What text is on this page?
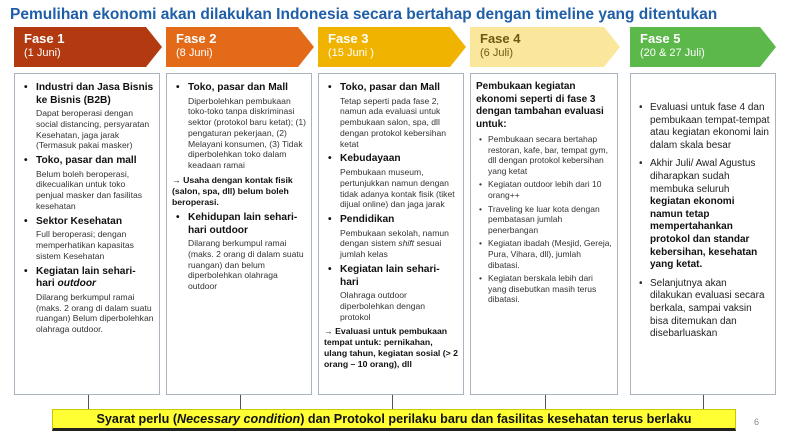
Pemulihan ekonomi akan dilakukan Indonesia secara bertahap dengan timeline yang ditentukan
Fase 1
(1 Juni)
Fase 2
(8 Juni)
Fase 3
(15 Juni )
Fase 4
(6 Juli)
Fase 5
(20 & 27 Juli)
• Industri dan Jasa Bisnis ke Bisnis (B2B)
Dapat beroperasi dengan social distancing, persyaratan Kesehatan, jaga jarak (Termasuk pakai masker)
• Toko, pasar dan mall
Belum boleh beroperasi, dikecualikan untuk toko penjual masker dan fasilitas kesehatan
• Sektor Kesehatan
Full beroperasi; dengan memperhatikan kapasitas sistem Kesehatan
• Kegiatan lain sehari-hari outdoor
Dilarang berkumpul ramai (maks. 2 orang di dalam suatu ruangan) Belum diperbolehkan olahraga outdoor.
• Toko, pasar dan Mall
Diperbolehkan pembukaan toko-toko tanpa diskriminasi sektor (protokol baru ketat); (1) pengaturan pekerjaan, (2) Melayani konsumen, (3) Tidak diperbolehkan toko dalam keadaan ramai
→ Usaha dengan kontak fisik (salon, spa, dll) belum boleh beroperasi.
• Kehidupan lain sehari-hari outdoor
Dilarang berkumpul ramai (maks. 2 orang di dalam suatu ruangan) dan belum diperbolehkan olahraga outdoor
• Toko, pasar dan Mall
Tetap seperti pada fase 2, namun ada evaluasi untuk pembukaan salon, spa, dll dengan protokol kebersihan ketat
• Kebudayaan
Pembukaan museum, pertunjukkan namun dengan tidak adanya kontak fisik (tiket dijual online) dan jaga jarak
• Pendidikan
Pembukaan sekolah, namun dengan sistem shift sesuai jumlah kelas
• Kegiatan lain sehari-hari
Olahraga outdoor diperbolehkan dengan protokol
→ Evaluasi untuk pembukaan tempat untuk: pernikahan, ulang tahun, kegiatan sosial (> 2 orang – 10 orang), dll
Pembukaan kegiatan ekonomi seperti di fase 3 dengan tambahan evaluasi untuk:
• Pembukaan secara bertahap restoran, kafe, bar, tempat gym, dll dengan protokol kebersihan yang ketat
• Kegiatan outdoor lebih dari 10 orang++
• Traveling ke luar kota dengan pembatasan jumlah penerbangan
• Kegiatan ibadah (Mesjid, Gereja, Pura, Vihara, dll), jumlah dibatasi.
• Kegiatan berskala lebih dari yang disebutkan masih terus dibatasi.
• Evaluasi untuk fase 4 dan pembukaan tempat-tempat atau kegiatan ekonomi lain dalam skala besar
• Akhir Juli/ Awal Agustus diharapkan sudah membuka seluruh kegiatan ekonomi namun tetap mempertahankan protokol dan standar kebersihan, kesehatan yang ketat.
• Selanjutnya akan dilakukan evaluasi secara berkala, sampai vaksin bisa ditemukan dan disebarluaskan
Syarat perlu (Necessary condition) dan Protokol perilaku baru dan fasilitas kesehatan terus berlaku	6
